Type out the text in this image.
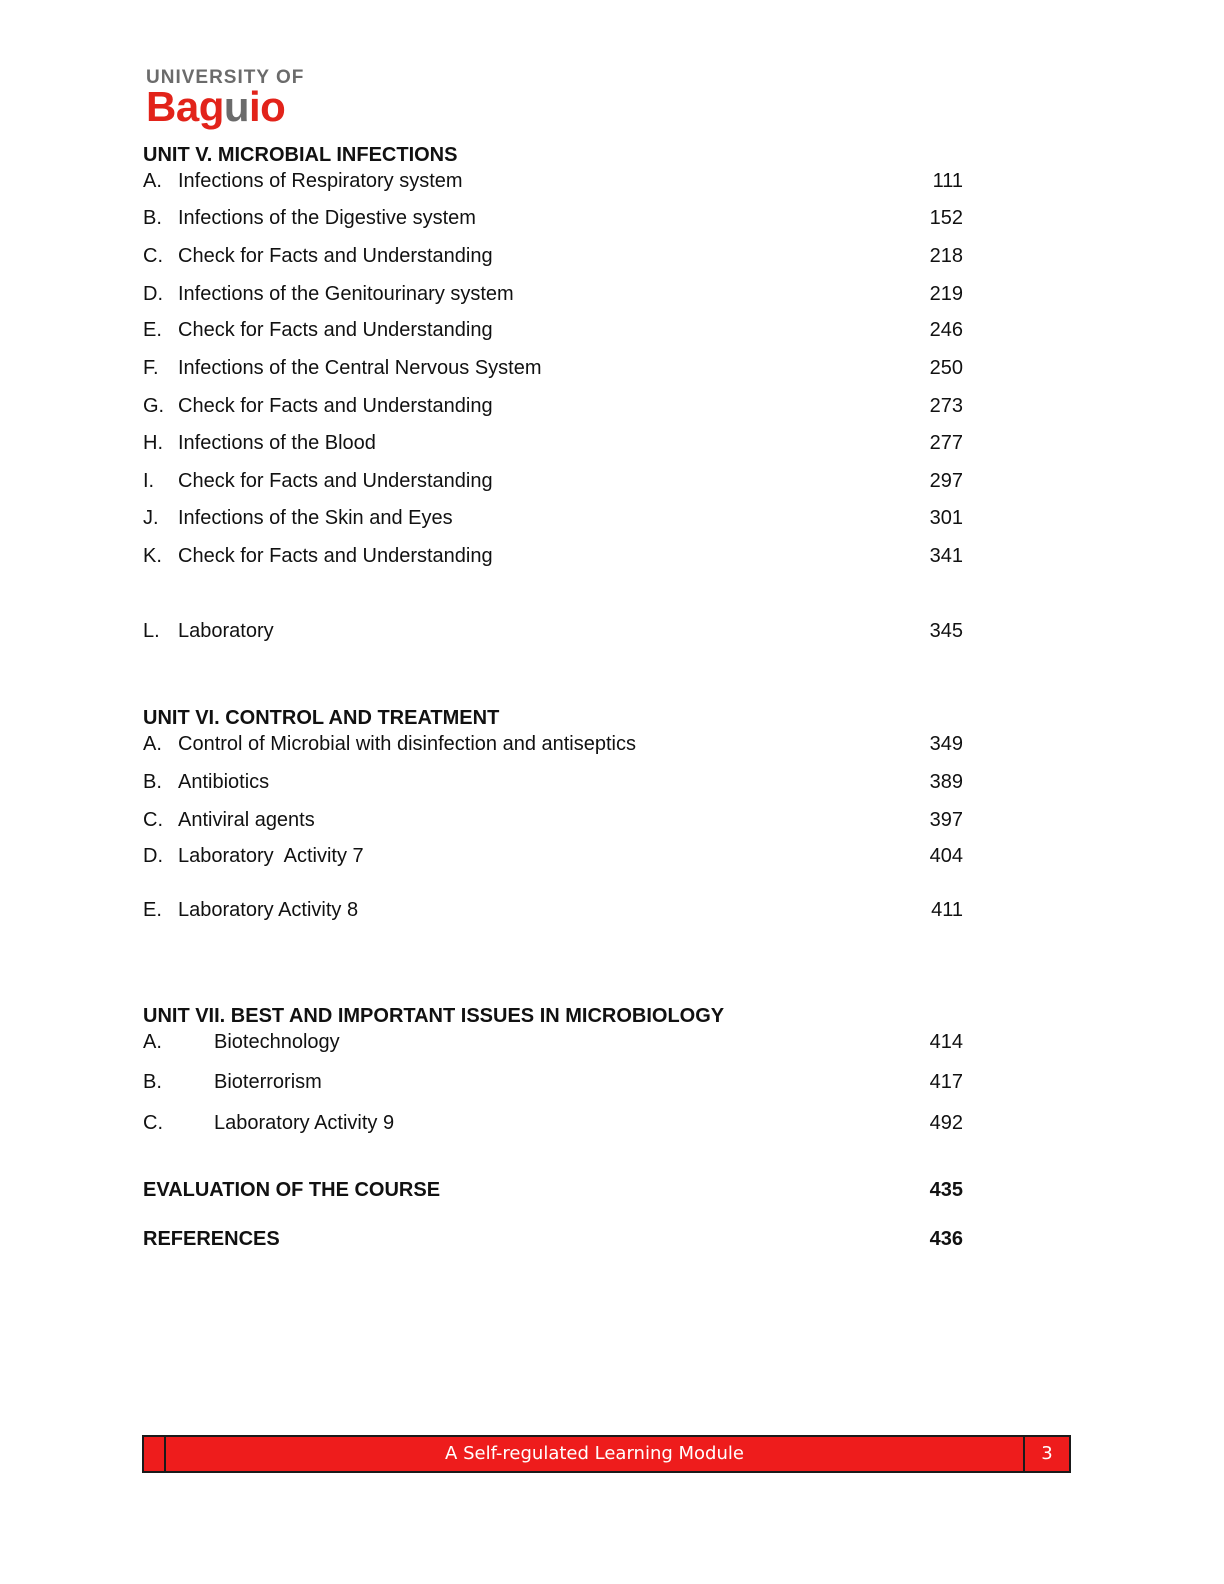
UNIVERSITY OF
Baguio
UNIT V. MICROBIAL INFECTIONS
A. Infections of Respiratory system	111
B. Infections of the Digestive system	152
C. Check for Facts and Understanding	218
D. Infections of the Genitourinary system	219
E. Check for Facts and Understanding	246
F. Infections of the Central Nervous System	250
G. Check for Facts and Understanding	273
H. Infections of the Blood	277
I. Check for Facts and Understanding	297
J. Infections of the Skin and Eyes	301
K. Check for Facts and Understanding	341
L. Laboratory	345
UNIT VI. CONTROL AND TREATMENT
A. Control of Microbial with disinfection and antiseptics	349
B. Antibiotics	389
C. Antiviral agents	397
D. Laboratory  Activity 7	404
E. Laboratory Activity 8	411
UNIT VII. BEST AND IMPORTANT ISSUES IN MICROBIOLOGY
A.	Biotechnology	414
B.	Bioterrorism	417
C.	Laboratory Activity 9	492
EVALUATION OF THE COURSE	435
REFERENCES	436
A Self-regulated Learning Module	3
